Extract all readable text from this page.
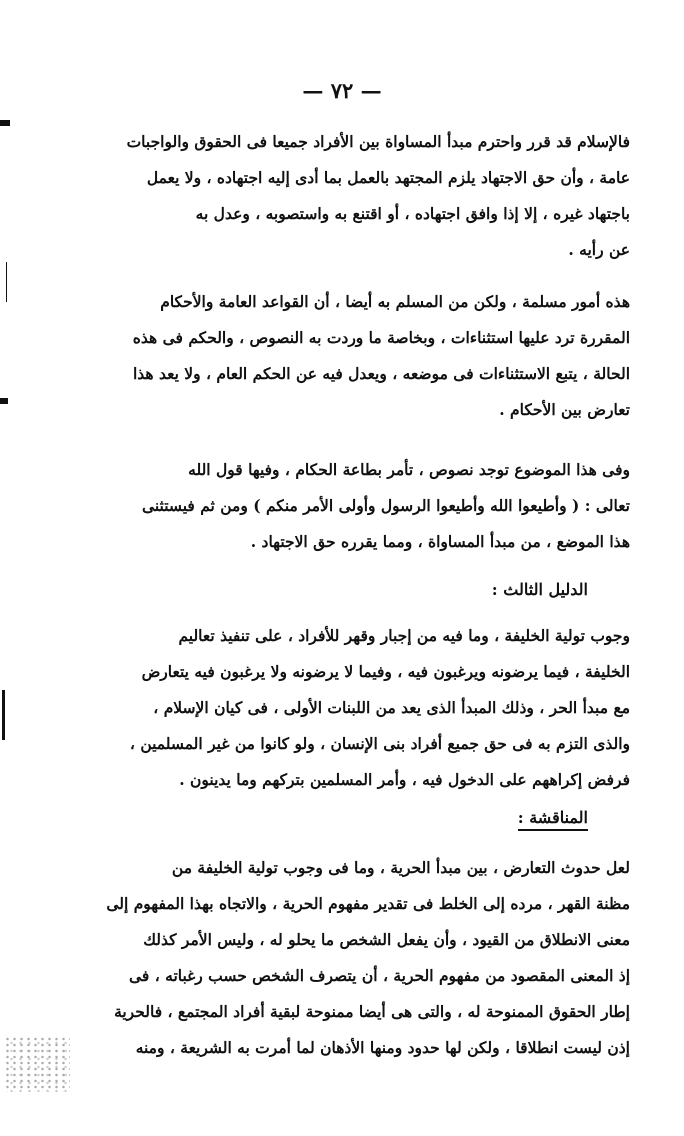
— ٧٢ —
فالإسلام قد قرر واحترم مبدأ المساواة بين الأفراد جميعا فى الحقوق والواجبات
عامة ، وأن حق الاجتهاد يلزم المجتهد بالعمل بما أدى إليه اجتهاده ، ولا يعمل
باجتهاد غيره ، إلا إذا وافق اجتهاده ، أو اقتنع به واستصوبه ، وعدل به
عن رأيه .
هذه أمور مسلمة ، ولكن من المسلم به أيضا ، أن القواعد العامة والأحكام
المقررة ترد عليها استثناءات ، وبخاصة ما وردت به النصوص ، والحكم فى هذه
الحالة ، يتبع الاستثناءات فى موضعه ، ويعدل فيه عن الحكم العام ، ولا يعد هذا
تعارض بين الأحكام .
وفى هذا الموضوع توجد نصوص ، تأمر بطاعة الحكام ، وفيها قول الله
تعالى : ( وأطيعوا الله وأطيعوا الرسول وأولى الأمر منكم ) ومن ثم فيستثنى
هذا الموضع ، من مبدأ المساواة ، ومما يقرره حق الاجتهاد .
الدليل الثالث :
وجوب تولية الخليفة ، وما فيه من إجبار وقهر للأفراد ، على تنفيذ تعاليم
الخليفة ، فيما يرضونه ويرغبون فيه ، وفيما لا يرضونه ولا يرغبون فيه يتعارض
مع مبدأ الحر ، وذلك المبدأ الذى يعد من اللبنات الأولى ، فى كيان الإسلام ،
والذى التزم به فى حق جميع أفراد بنى الإنسان ، ولو كانوا من غير المسلمين ،
فرفض إكراههم على الدخول فيه ، وأمر المسلمين بتركهم وما يدينون .
المناقشة :
لعل حدوث التعارض ، بين مبدأ الحرية ، وما فى وجوب تولية الخليفة من
مظنة القهر ، مرده إلى الخلط فى تقدير مفهوم الحرية ، والاتجاه بهذا المفهوم إلى
معنى الانطلاق من القيود ، وأن يفعل الشخص ما يحلو له ، وليس الأمر كذلك
إذ المعنى المقصود من مفهوم الحرية ، أن يتصرف الشخص حسب رغباته ، فى
إطار الحقوق الممنوحة له ، والتى هى أيضا ممنوحة لبقية أفراد المجتمع ، فالحرية
إذن ليست انطلاقا ، ولكن لها حدود ومنها الأذهان لما أمرت به الشريعة ، ومنه
